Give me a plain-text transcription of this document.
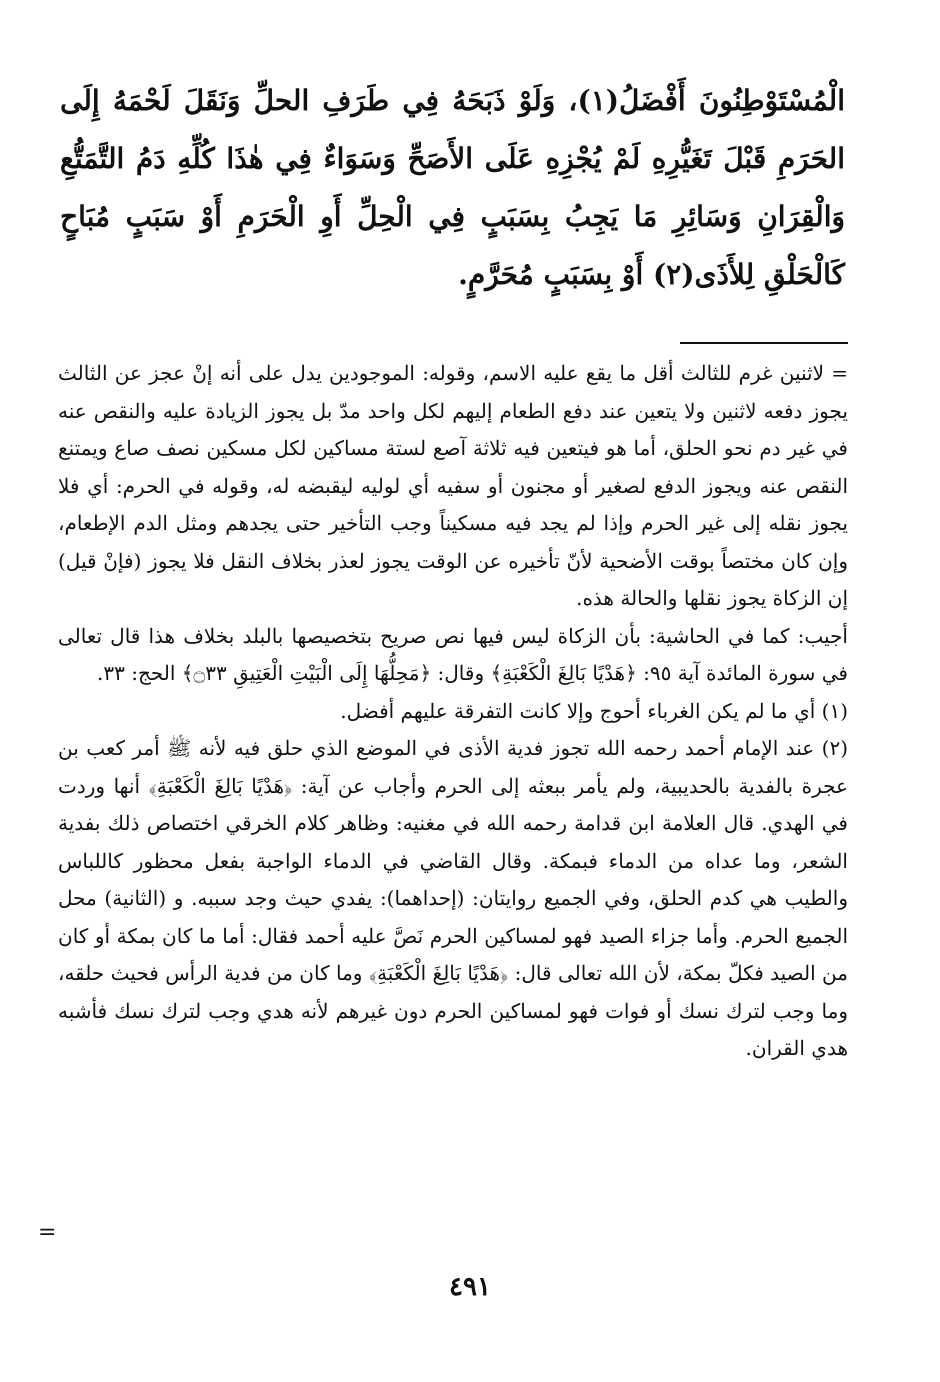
الْمُسْتَوْطِنُونَ أَفْضَلُ(١)، وَلَوْ ذَبَحَهُ فِي طَرَفِ الحلِّ وَنَقَلَ لَحْمَهُ إِلَى الحَرَمِ قَبْلَ تَغَيُّرِهِ لَمْ يُجْزِهِ عَلَى الأَصَحِّ وَسَوَاءٌ فِي هٰذَا كُلِّهِ دَمُ التَّمَتُّعِ وَالْقِرَانِ وَسَائِرِ مَا يَجِبُ بِسَبَبٍ فِي الْحِلِّ أَوِ الْحَرَمِ أَوْ سَبَبٍ مُبَاحٍ كَالْحَلْقِ لِلأَذَى(٢) أَوْ بِسَبَبٍ مُحَرَّمٍ.

= لاثنين غرم للثالث أقل ما يقع عليه الاسم، وقوله: الموجودين يدل على أنه إنْ عجز عن الثالث يجوز دفعه لاثنين ولا يتعين عند دفع الطعام إليهم لكل واحد مدّ بل يجوز الزيادة عليه والنقص عنه في غير دم نحو الحلق، أما هو فيتعين فيه ثلاثة آصع لستة مساكين لكل مسكين نصف صاع ويمتنع النقص عنه ويجوز الدفع لصغير أو مجنون أو سفيه أي لوليه ليقبضه له، وقوله في الحرم: أي فلا يجوز نقله إلى غير الحرم وإذا لم يجد فيه مسكيناً وجب التأخير حتى يجدهم ومثل الدم الإطعام، وإن كان مختصاً بوقت الأضحية لأنّ تأخيره عن الوقت يجوز لعذر بخلاف النقل فلا يجوز (فإنْ قيل) إن الزكاة يجوز نقلها والحالة هذه.

أجيب: كما في الحاشية: بأن الزكاة ليس فيها نص صريح بتخصيصها بالبلد بخلاف هذا قال تعالى في سورة المائدة آية ٩٥: ﴿هَدْيًا بَالِغَ الْكَعْبَةِ﴾ وقال: ﴿مَحِلُّهَا إِلَى الْبَيْتِ الْعَتِيقِ ۝٣٣﴾ الحج: ٣٣.

(١) أي ما لم يكن الغرباء أحوج وإلا كانت التفرقة عليهم أفضل.

(٢) عند الإمام أحمد رحمه الله تجوز فدية الأذى في الموضع الذي حلق فيه لأنه ﷺ أمر كعب بن عجرة بالفدية بالحديبية، ولم يأمر ببعثه إلى الحرم وأجاب عن آية: ﴿هَدْيًا بَالِغَ الْكَعْبَةِ﴾ أنها وردت في الهدي. قال العلامة ابن قدامة رحمه الله في مغنيه: وظاهر كلام الخرقي اختصاص ذلك بفدية الشعر، وما عداه من الدماء فبمكة. وقال القاضي في الدماء الواجبة بفعل محظور كاللباس والطيب هي كدم الحلق، وفي الجميع روايتان: (إحداهما): يفدي حيث وجد سببه. و (الثانية) محل الجميع الحرم. وأما جزاء الصيد فهو لمساكين الحرم نَصَّ عليه أحمد فقال: أما ما كان بمكة أو كان من الصيد فكلّ بمكة، لأن الله تعالى قال: ﴿هَدْيًا بَالِغَ الْكَعْبَةِ﴾ وما كان من فدية الرأس فحيث حلقه، وما وجب لترك نسك أو فوات فهو لمساكين الحرم دون غيرهم لأنه هدي وجب لترك نسك فأشبه هدي القران.

=
٤٩١
